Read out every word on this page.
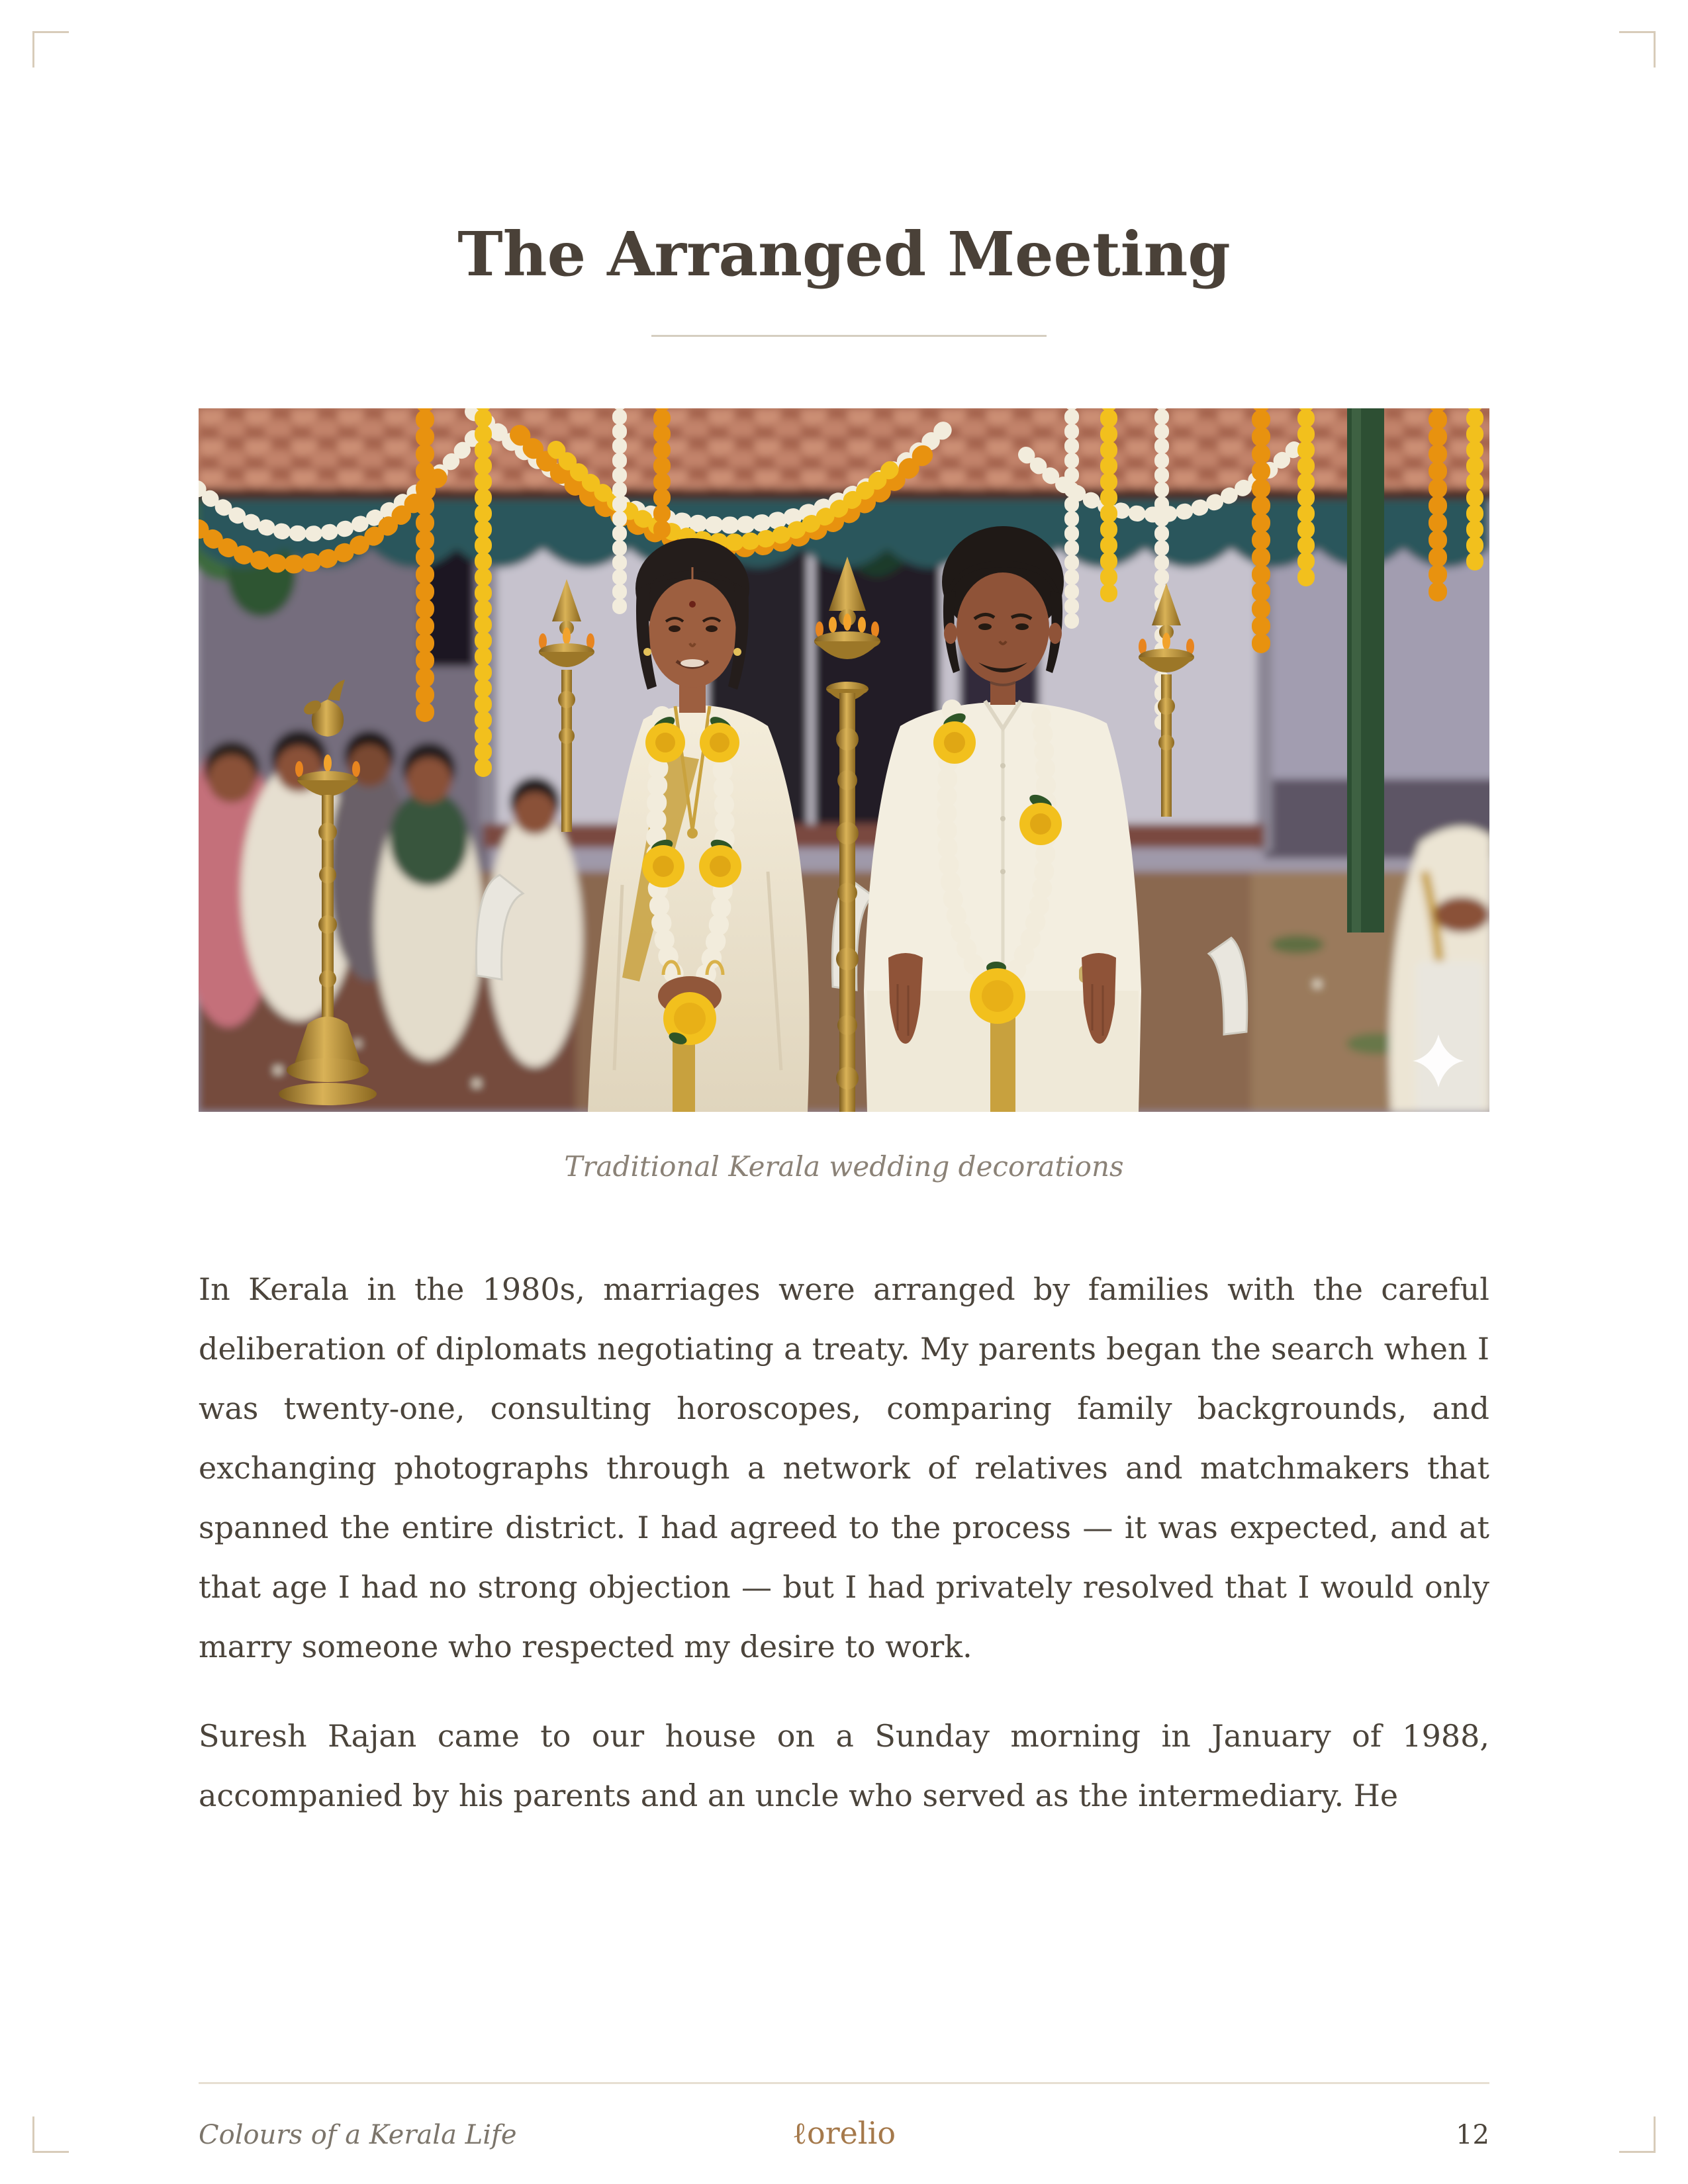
The Arranged Meeting
Traditional Kerala wedding decorations

In Kerala in the 1980s, marriages were arranged by families with the careful deliberation of diplomats negotiating a treaty. My parents began the search when I was twenty-one, consulting horoscopes, comparing family backgrounds, and exchanging photographs through a network of relatives and matchmakers that spanned the entire district. I had agreed to the process — it was expected, and at that age I had no strong objection — but I had privately resolved that I would only marry someone who respected my desire to work.

Suresh Rajan came to our house on a Sunday morning in January of 1988, accompanied by his parents and an uncle who served as the intermediary. He

Colours of a Kerala Life	ℓorelio	12
